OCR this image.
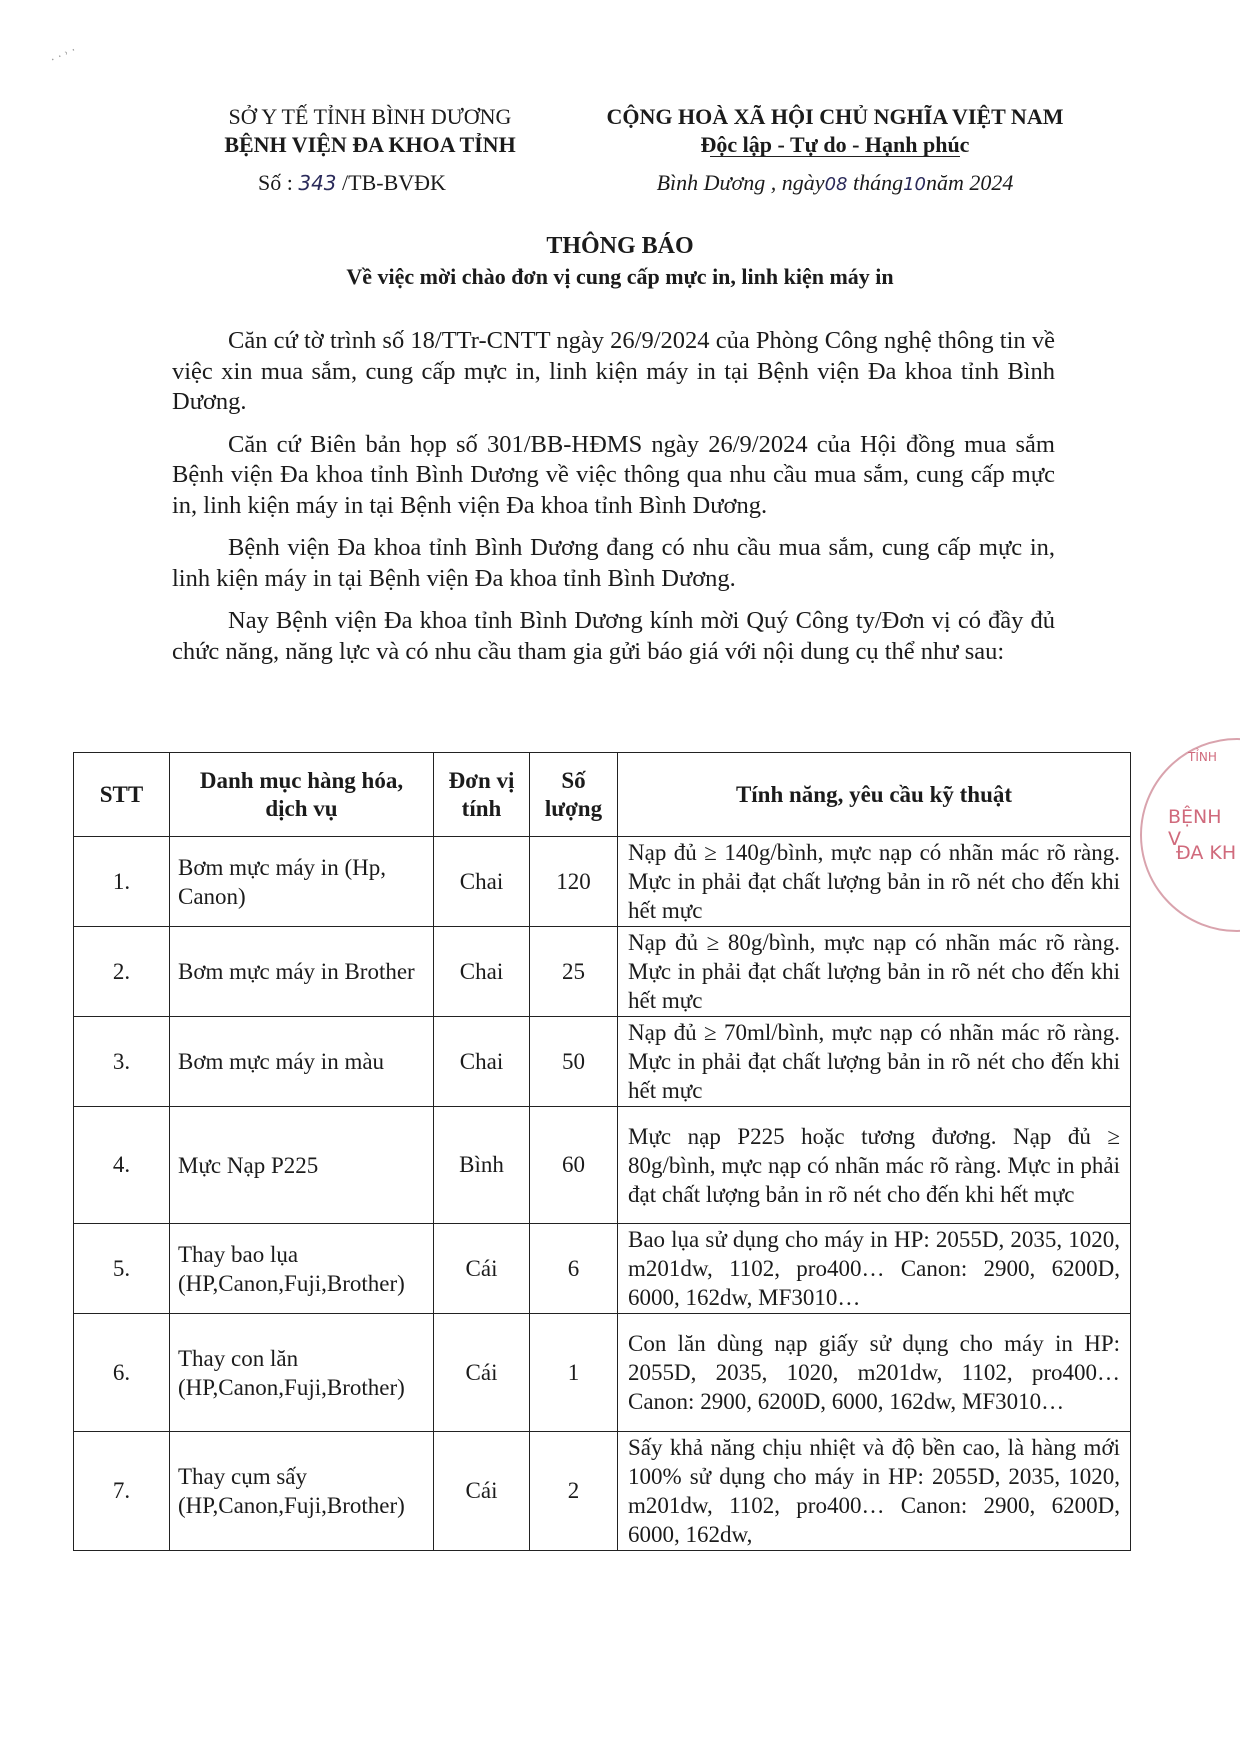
‧ ‧ ˒ ‧
SỞ Y TẾ TỈNH BÌNH DƯƠNG
BỆNH VIỆN ĐA KHOA TỈNH
Số : 343 /TB-BVĐK
CỘNG HOÀ XÃ HỘI CHỦ NGHĨA VIỆT NAM
Độc lập - Tự do - Hạnh phúc
Bình Dương , ngày08 tháng10năm 2024
THÔNG BÁO
Về việc mời chào đơn vị cung cấp mực in, linh kiện máy in

Căn cứ tờ trình số 18/TTr-CNTT ngày 26/9/2024 của Phòng Công nghệ thông tin về việc xin mua sắm, cung cấp mực in, linh kiện máy in tại Bệnh viện Đa khoa tỉnh Bình Dương.

Căn cứ Biên bản họp số 301/BB-HĐMS ngày 26/9/2024 của Hội đồng mua sắm Bệnh viện Đa khoa tỉnh Bình Dương về việc thông qua nhu cầu mua sắm, cung cấp mực in, linh kiện máy in tại Bệnh viện Đa khoa tỉnh Bình Dương.

Bệnh viện Đa khoa tỉnh Bình Dương đang có nhu cầu mua sắm, cung cấp mực in, linh kiện máy in tại Bệnh viện Đa khoa tỉnh Bình Dương.

Nay Bệnh viện Đa khoa tỉnh Bình Dương kính mời Quý Công ty/Đơn vị có đầy đủ chức năng, năng lực và có nhu cầu tham gia gửi báo giá với nội dung cụ thể như sau:

STT	Danh mục hàng hóa, dịch vụ	Đơn vị tính	Số lượng	Tính năng, yêu cầu kỹ thuật
1.	Bơm mực máy in (Hp, Canon)	Chai	120	Nạp đủ ≥ 140g/bình, mực nạp có nhãn mác rõ ràng. Mực in phải đạt chất lượng bản in rõ nét cho đến khi hết mực
2.	Bơm mực máy in Brother	Chai	25	Nạp đủ ≥ 80g/bình, mực nạp có nhãn mác rõ ràng. Mực in phải đạt chất lượng bản in rõ nét cho đến khi hết mực
3.	Bơm mực máy in màu	Chai	50	Nạp đủ ≥ 70ml/bình, mực nạp có nhãn mác rõ ràng. Mực in phải đạt chất lượng bản in rõ nét cho đến khi hết mực
4.	Mực Nạp P225	Bình	60	Mực nạp P225 hoặc tương đương. Nạp đủ ≥ 80g/bình, mực nạp có nhãn mác rõ ràng. Mực in phải đạt chất lượng bản in rõ nét cho đến khi hết mực
5.	Thay bao lụa (HP,Canon,Fuji,Brother)	Cái	6	Bao lụa sử dụng cho máy in HP: 2055D, 2035, 1020, m201dw, 1102, pro400… Canon: 2900, 6200D, 6000, 162dw, MF3010…
6.	Thay con lăn (HP,Canon,Fuji,Brother)	Cái	1	Con lăn dùng nạp giấy sử dụng cho máy in HP: 2055D, 2035, 1020, m201dw, 1102, pro400… Canon: 2900, 6200D, 6000, 162dw, MF3010…
7.	Thay cụm sấy (HP,Canon,Fuji,Brother)	Cái	2	Sấy khả năng chịu nhiệt và độ bền cao, là hàng mới 100% sử dụng cho máy in HP: 2055D, 2035, 1020, m201dw, 1102, pro400… Canon: 2900, 6200D, 6000, 162dw,
TỈNH
BỆNH V
ĐA KH
